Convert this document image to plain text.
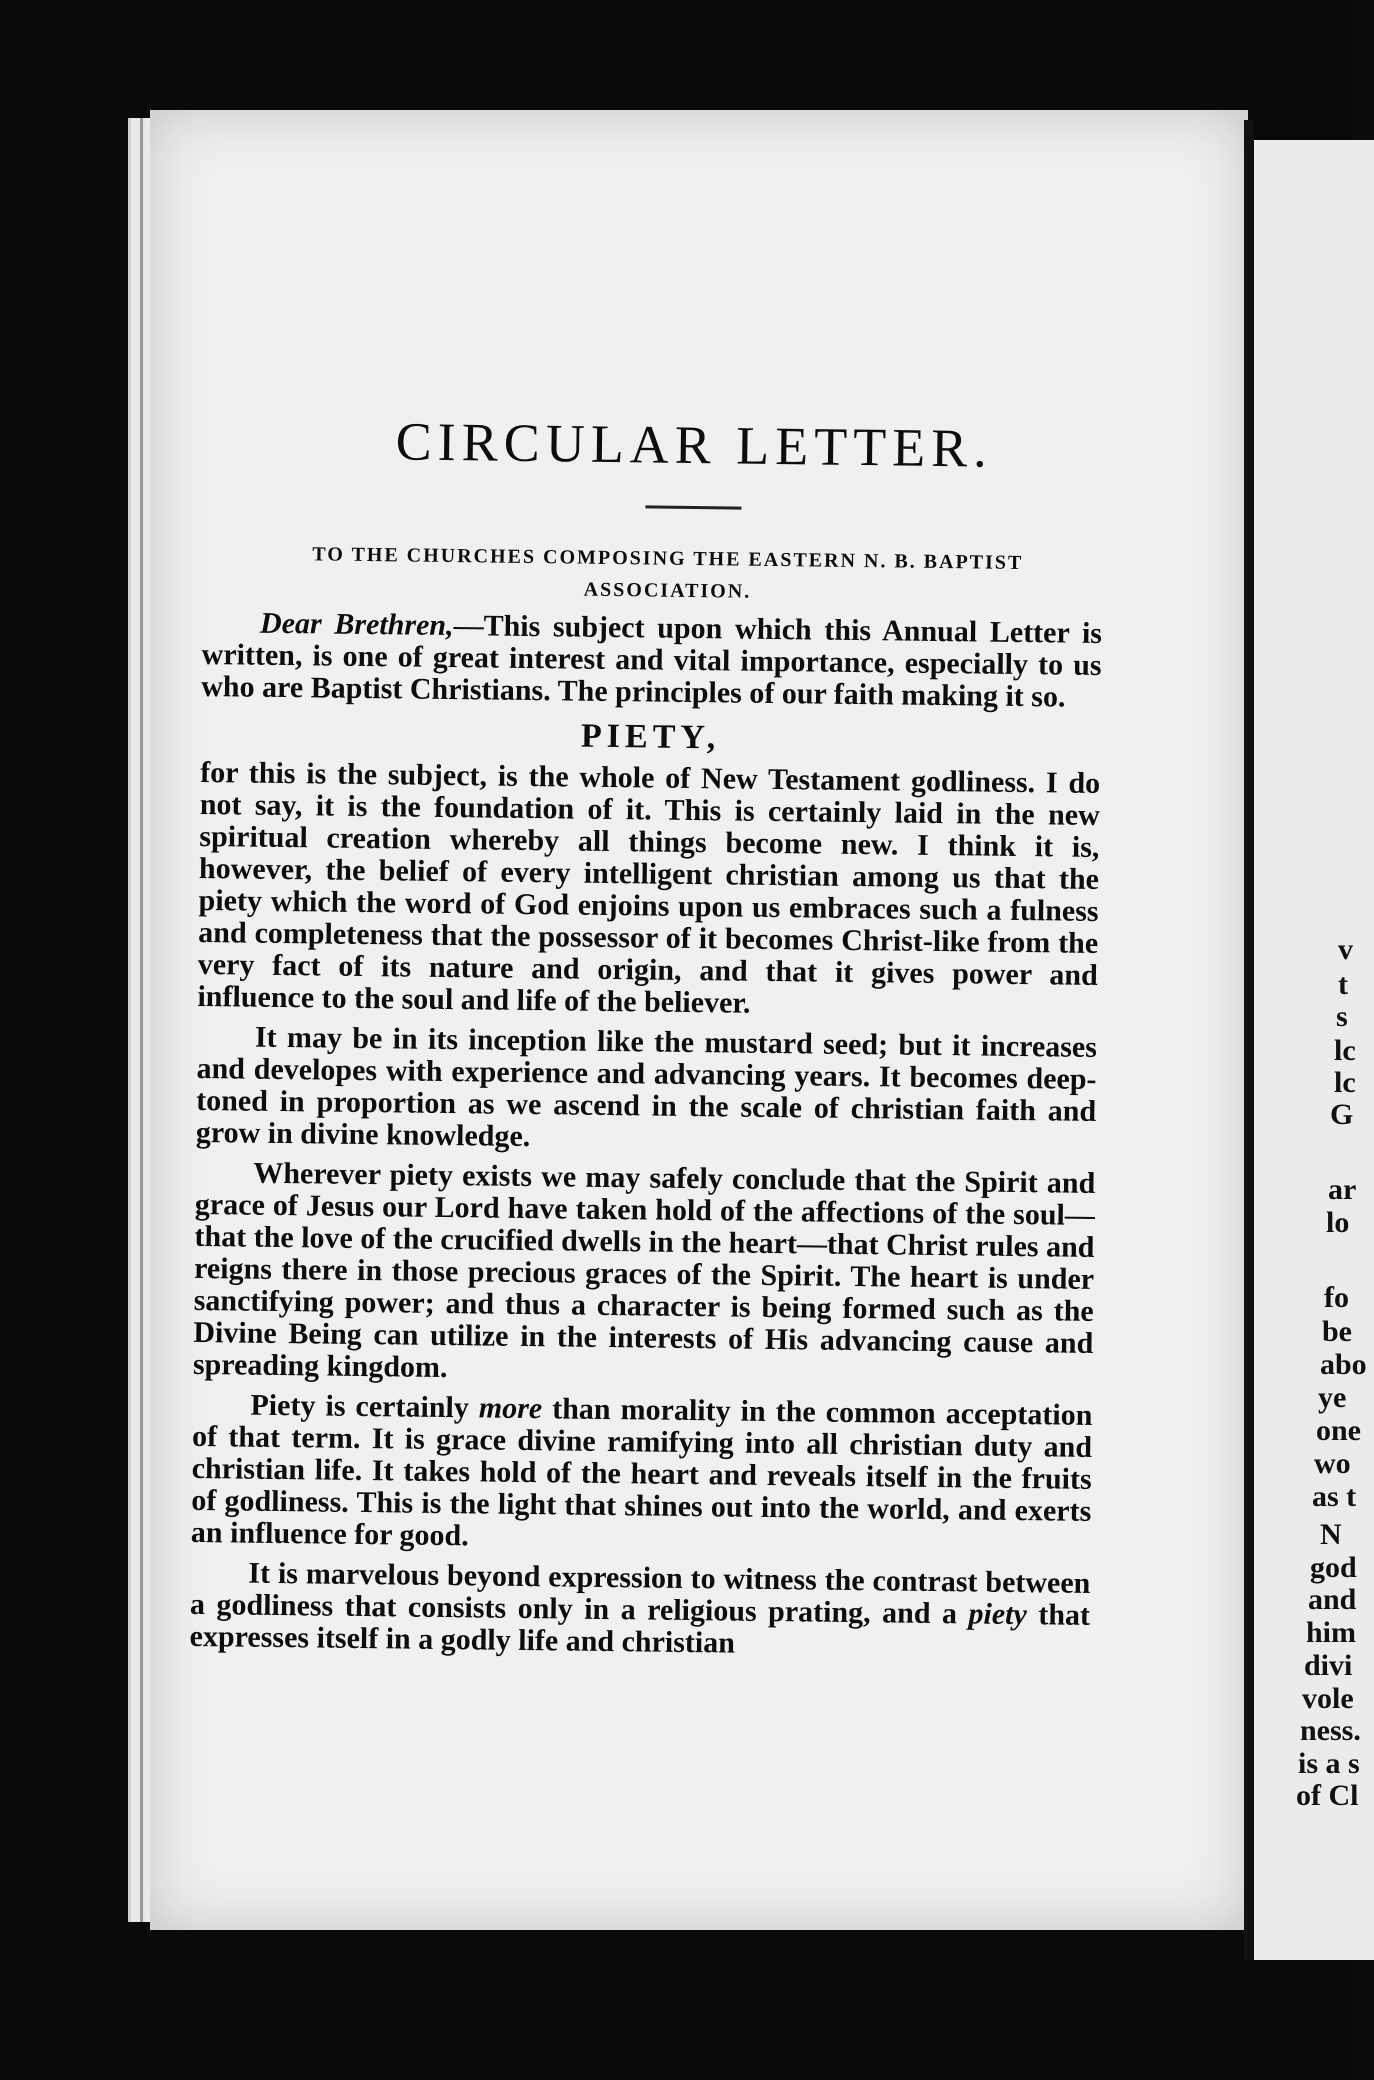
v
t
s
lc
lc
G
ar
lo
fo
be
abo
ye
one
wo
as t
N
god
and
him
divi
vole
ness.
is a s
of Cl
CIRCULAR LETTER.
TO THE CHURCHES COMPOSING THE EASTERN N. B. BAPTIST
ASSOCIATION.

Dear Brethren,—This subject upon which this Annual Letter is written, is one of great interest and vital importance, especially to us who are Baptist Christians. The principles of our faith making it so.

PIETY,

for this is the subject, is the whole of New Testament godliness. I do not say, it is the foundation of it. This is certainly laid in the new spiritual creation whereby all things become new. I think it is, however, the belief of every intelligent christian among us that the piety which the word of God enjoins upon us embraces such a fulness and completeness that the possessor of it becomes Christ-like from the very fact of its nature and origin, and that it gives power and influence to the soul and life of the believer.

It may be in its inception like the mustard seed; but it increases and developes with experience and advancing years. It becomes deep-toned in proportion as we ascend in the scale of christian faith and grow in divine knowledge.

Wherever piety exists we may safely conclude that the Spirit and grace of Jesus our Lord have taken hold of the affections of the soul—that the love of the crucified dwells in the heart—that Christ rules and reigns there in those precious graces of the Spirit. The heart is under sanctifying power; and thus a character is being formed such as the Divine Being can utilize in the interests of His advancing cause and spreading kingdom.

Piety is certainly more than morality in the common acceptation of that term. It is grace divine ramifying into all christian duty and christian life. It takes hold of the heart and reveals itself in the fruits of godliness. This is the light that shines out into the world, and exerts an influence for good.

It is marvelous beyond expression to witness the contrast between a godliness that consists only in a religious prating, and a piety that expresses itself in a godly life and christian
